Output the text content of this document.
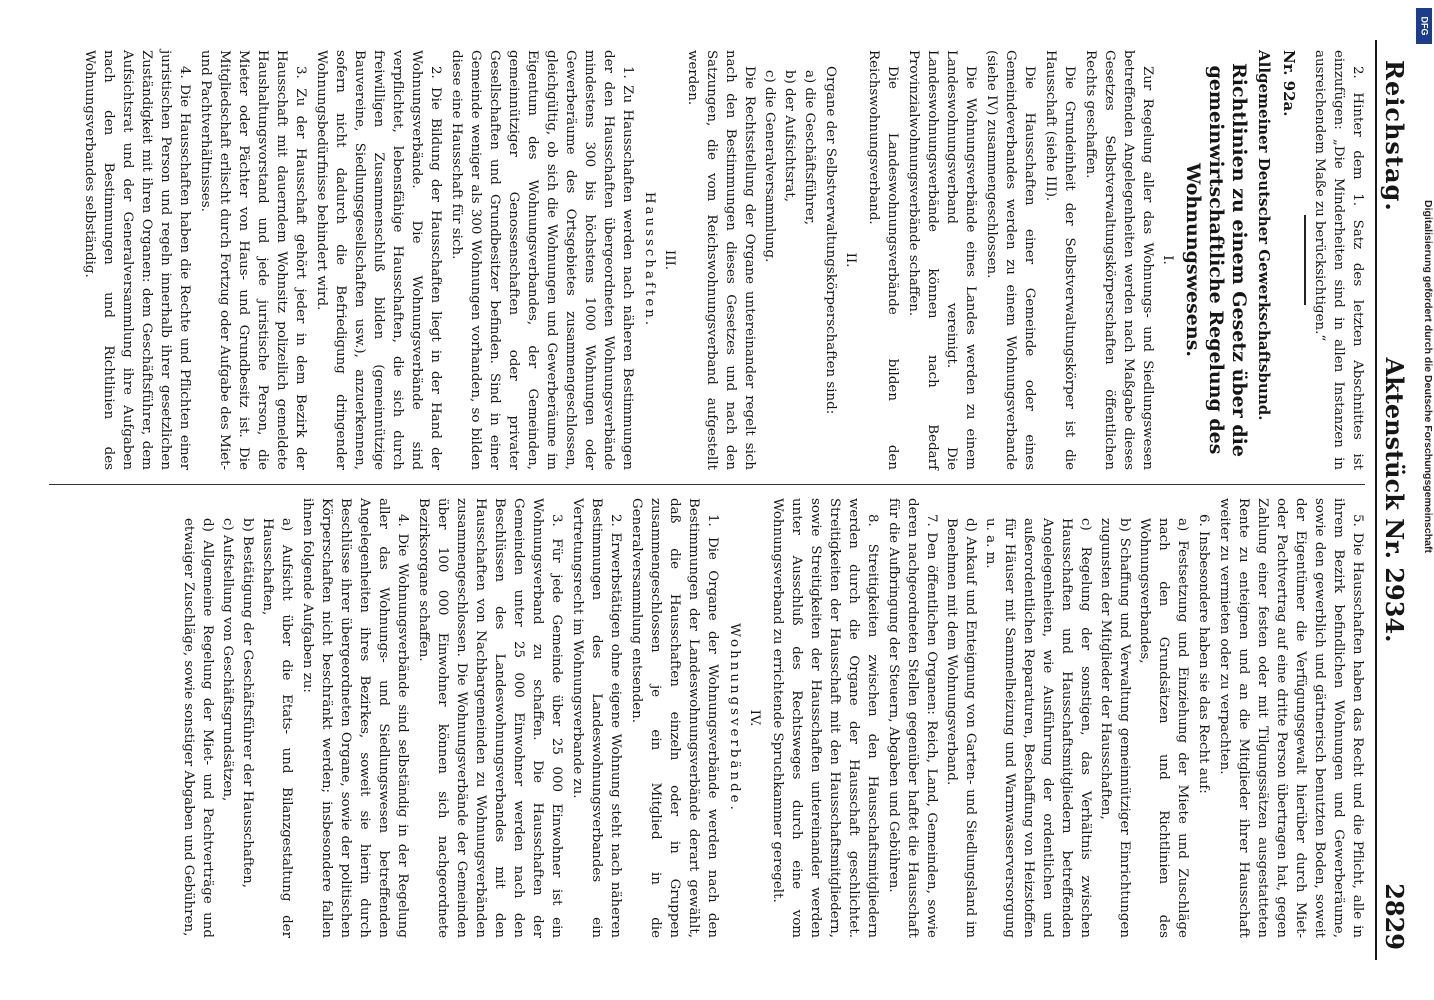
DFG
Digitalisierung gefördert durch die Deutsche Forschungsgemeinschaft
Reichstag.
Aktenstück Nr. 2934.
2829

2. Hinter dem 1. Satz des letzten Abschnittes ist einzufügen: „Die Minderheiten sind in allen Instanzen in ausreichendem Maße zu berücksichtigen.“

Nr. 92a.

Allgemeiner Deutscher Gewerkschaftsbund.

Richtlinien zu einem Gesetz über die gemeinwirtschaftliche Regelung des Wohnungswesens.

I.

Zur Regelung aller das Wohnungs- und Siedlungswesen betreffenden Angelegenheiten werden nach Maßgabe dieses Gesetzes Selbstverwaltungskörperschaften öffentlichen Rechts geschaffen.

Die Grundeinheit der Selbstverwaltungskörper ist die Hausschaft (siehe III).

Die Hausschaften einer Gemeinde oder eines Gemeindeverbandes werden zu einem Wohnungsverbande (siehe IV) zusammengeschlossen.

Die Wohnungsverbände eines Landes werden zu einem Landeswohnungsverband vereinigt. Die Landeswohnungsverbände können nach Bedarf Provinzialwohnungsverbände schaffen.

Die Landeswohnungsverbände bilden den Reichswohnungsverband.

II.

Organe der Selbstverwaltungskörperschaften sind:

a) die Geschäftsführer,

b) der Aufsichtsrat,

c) die Generalversammlung.

Die Rechtsstellung der Organe untereinander regelt sich nach den Bestimmungen dieses Gesetzes und nach den Satzungen, die vom Reichswohnungsverband aufgestellt werden.

III.

Hausschaften.

1. Zu Hausschaften werden nach näheren Bestimmungen der den Hausschaften übergeordneten Wohnungsverbände mindestens 300 bis höchstens 1000 Wohnungen oder Gewerberäume des Ortsgebietes zusammengeschlossen, gleichgültig, ob sich die Wohnungen und Gewerberäume im Eigentum des Wohnungsverbandes, der Gemeinden, gemeinnütziger Genossenschaften oder privater Gesellschaften und Grundbesitzer befinden. Sind in einer Gemeinde weniger als 300 Wohnungen vorhanden, so bilden diese eine Hausschaft für sich.

2. Die Bildung der Hausschaften liegt in der Hand der Wohnungsverbände. Die Wohnungsverbände sind verpflichtet, lebensfähige Hausschaften, die sich durch freiwilligen Zusammenschluß bilden (gemeinnützige Bauvereine, Siedlungsgesellschaften usw.), anzuerkennen, sofern nicht dadurch die Befriedigung dringender Wohnungsbedürfnisse behindert wird.

3. Zu der Hausschaft gehört jeder in dem Bezirk der Hausschaft mit dauerndem Wohnsitz polizeilich gemeldete Haushaltungsvorstand und jede juristische Person, die Mieter oder Pächter von Haus- und Grundbesitz ist. Die Mitgliedschaft erlischt durch Fortzug oder Aufgabe des Miet- und Pachtverhältnisses.

4. Die Hausschaften haben die Rechte und Pflichten einer juristischen Person und regeln innerhalb ihrer gesetzlichen Zuständigkeit mit ihren Organen: dem Geschäftsführer, dem Aufsichtsrat und der Generalversammlung ihre Aufgaben nach den Bestimmungen und Richtlinien des Wohnungsverbandes selbständig.

5. Die Hausschaften haben das Recht und die Pflicht, alle in ihrem Bezirk befindlichen Wohnungen und Gewerberäume, sowie den gewerblich und gärtnerisch benutzten Boden, soweit der Eigentümer die Verfügungsgewalt hierüber durch Miet- oder Pachtvertrag auf eine dritte Person übertragen hat, gegen Zahlung einer festen oder mit Tilgungssätzen ausgestatteten Rente zu enteignen und an die Mitglieder ihrer Hausschaft weiter zu vermieten oder zu verpachten.

6. Insbesondere haben sie das Recht auf:

a) Festsetzung und Einziehung der Miete und Zuschläge nach den Grundsätzen und Richtlinien des Wohnungsverbandes,

b) Schaffung und Verwaltung gemeinnütziger Einrichtungen zugunsten der Mitglieder der Hausschaften,

c) Regelung der sonstigen, das Verhältnis zwischen Hausschaften und Hausschaftsmitgliedern betreffenden Angelegenheiten, wie Ausführung der ordentlichen und außerordentlichen Reparaturen, Beschaffung von Heizstoffen für Häuser mit Sammelheizung und Warmwasserversorgung u. a. m.

d) Ankauf und Enteignung von Garten- und Siedlungsland im Benehmen mit dem Wohnungsverband.

7. Den öffentlichen Organen: Reich, Land, Gemeinden, sowie deren nachgeordneten Stellen gegenüber haftet die Hausschaft für die Aufbringung der Steuern, Abgaben und Gebühren.

8. Streitigkeiten zwischen den Hausschaftsmitgliedern werden durch die Organe der Hausschaft geschlichtet. Streitigkeiten der Hausschaft mit den Hausschaftsmitgliedern, sowie Streitigkeiten der Hausschaften untereinander werden unter Ausschluß des Rechtsweges durch eine vom Wohnungsverband zu errichtende Spruchkammer geregelt.

IV.

Wohnungsverbände.

1. Die Organe der Wohnungsverbände werden nach den Bestimmungen der Landeswohnungsverbände derart gewählt, daß die Hausschaften einzeln oder in Gruppen zusammengeschlossen je ein Mitglied in die Generalversammlung entsenden.

2. Erwerbstätigen ohne eigene Wohnung steht nach näheren Bestimmungen des Landeswohnungsverbandes ein Vertretungsrecht im Wohnungsverbande zu.

3. Für jede Gemeinde über 25 000 Einwohner ist ein Wohnungsverband zu schaffen. Die Hausschaften der Gemeinden unter 25 000 Einwohner werden nach den Beschlüssen des Landeswohnungsverbandes mit den Hausschaften von Nachbargemeinden zu Wohnungsverbänden zusammengeschlossen. Die Wohnungsverbände der Gemeinden über 100 000 Einwohner können sich nachgeordnete Bezirksorgane schaffen.

4. Die Wohnungsverbände sind selbständig in der Regelung aller das Wohnungs- und Siedlungswesen betreffenden Angelegenheiten ihres Bezirkes, soweit sie hierin durch Beschlüsse ihrer übergeordneten Organe, sowie der politischen Körperschaften nicht beschränkt werden; insbesondere fallen ihnen folgende Aufgaben zu:

a) Aufsicht über die Etats- und Bilanzgestaltung der Hausschaften,

b) Bestätigung der Geschäftsführer der Hausschaften,

c) Aufstellung von Geschäftsgrundsätzen,

d) Allgemeine Regelung der Miet- und Pachtverträge und etwaiger Zuschläge, sowie sonstiger Abgaben und Gebühren,
